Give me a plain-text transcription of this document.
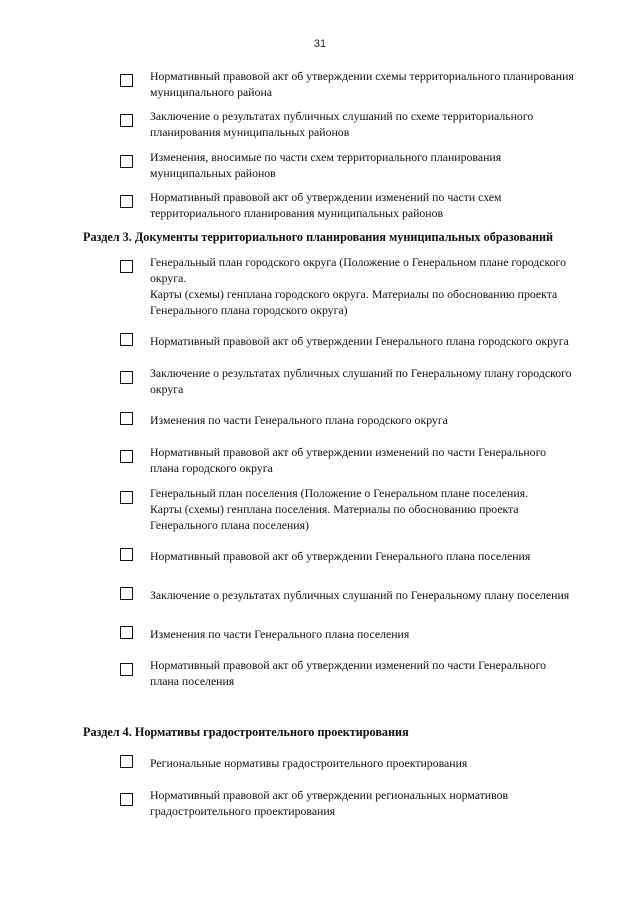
31
Нормативный правовой акт об утверждении схемы территориального планирования
муниципального района
Заключение о результатах публичных слушаний по схеме территориального
планирования муниципальных районов
Изменения, вносимые по части схем территориального планирования
муниципальных районов
Нормативный правовой акт об утверждении изменений по части схем
территориального планирования муниципальных районов
Раздел 3. Документы территориального планирования муниципальных образований
Генеральный план городского округа (Положение о Генеральном плане городского
округа.
Карты (схемы) генплана городского округа. Материалы по обоснованию проекта
Генерального плана городского округа)
Нормативный правовой акт об утверждении Генерального плана городского округа
Заключение о результатах публичных слушаний по Генеральному плану городского
округа
Изменения по части Генерального плана городского округа
Нормативный правовой акт об утверждении изменений по части Генерального
плана городского округа
Генеральный план поселения (Положение о Генеральном плане поселения.
Карты (схемы) генплана поселения. Материалы по обоснованию проекта
Генерального плана поселения)
Нормативный правовой акт об утверждении Генерального плана поселения
Заключение о результатах публичных слушаний по Генеральному плану поселения
Изменения по части Генерального плана поселения
Нормативный правовой акт об утверждении изменений по части Генерального
плана поселения
Раздел 4. Нормативы градостроительного проектирования
Региональные нормативы градостроительного проектирования
Нормативный правовой акт об утверждении региональных нормативов
градостроительного проектирования
